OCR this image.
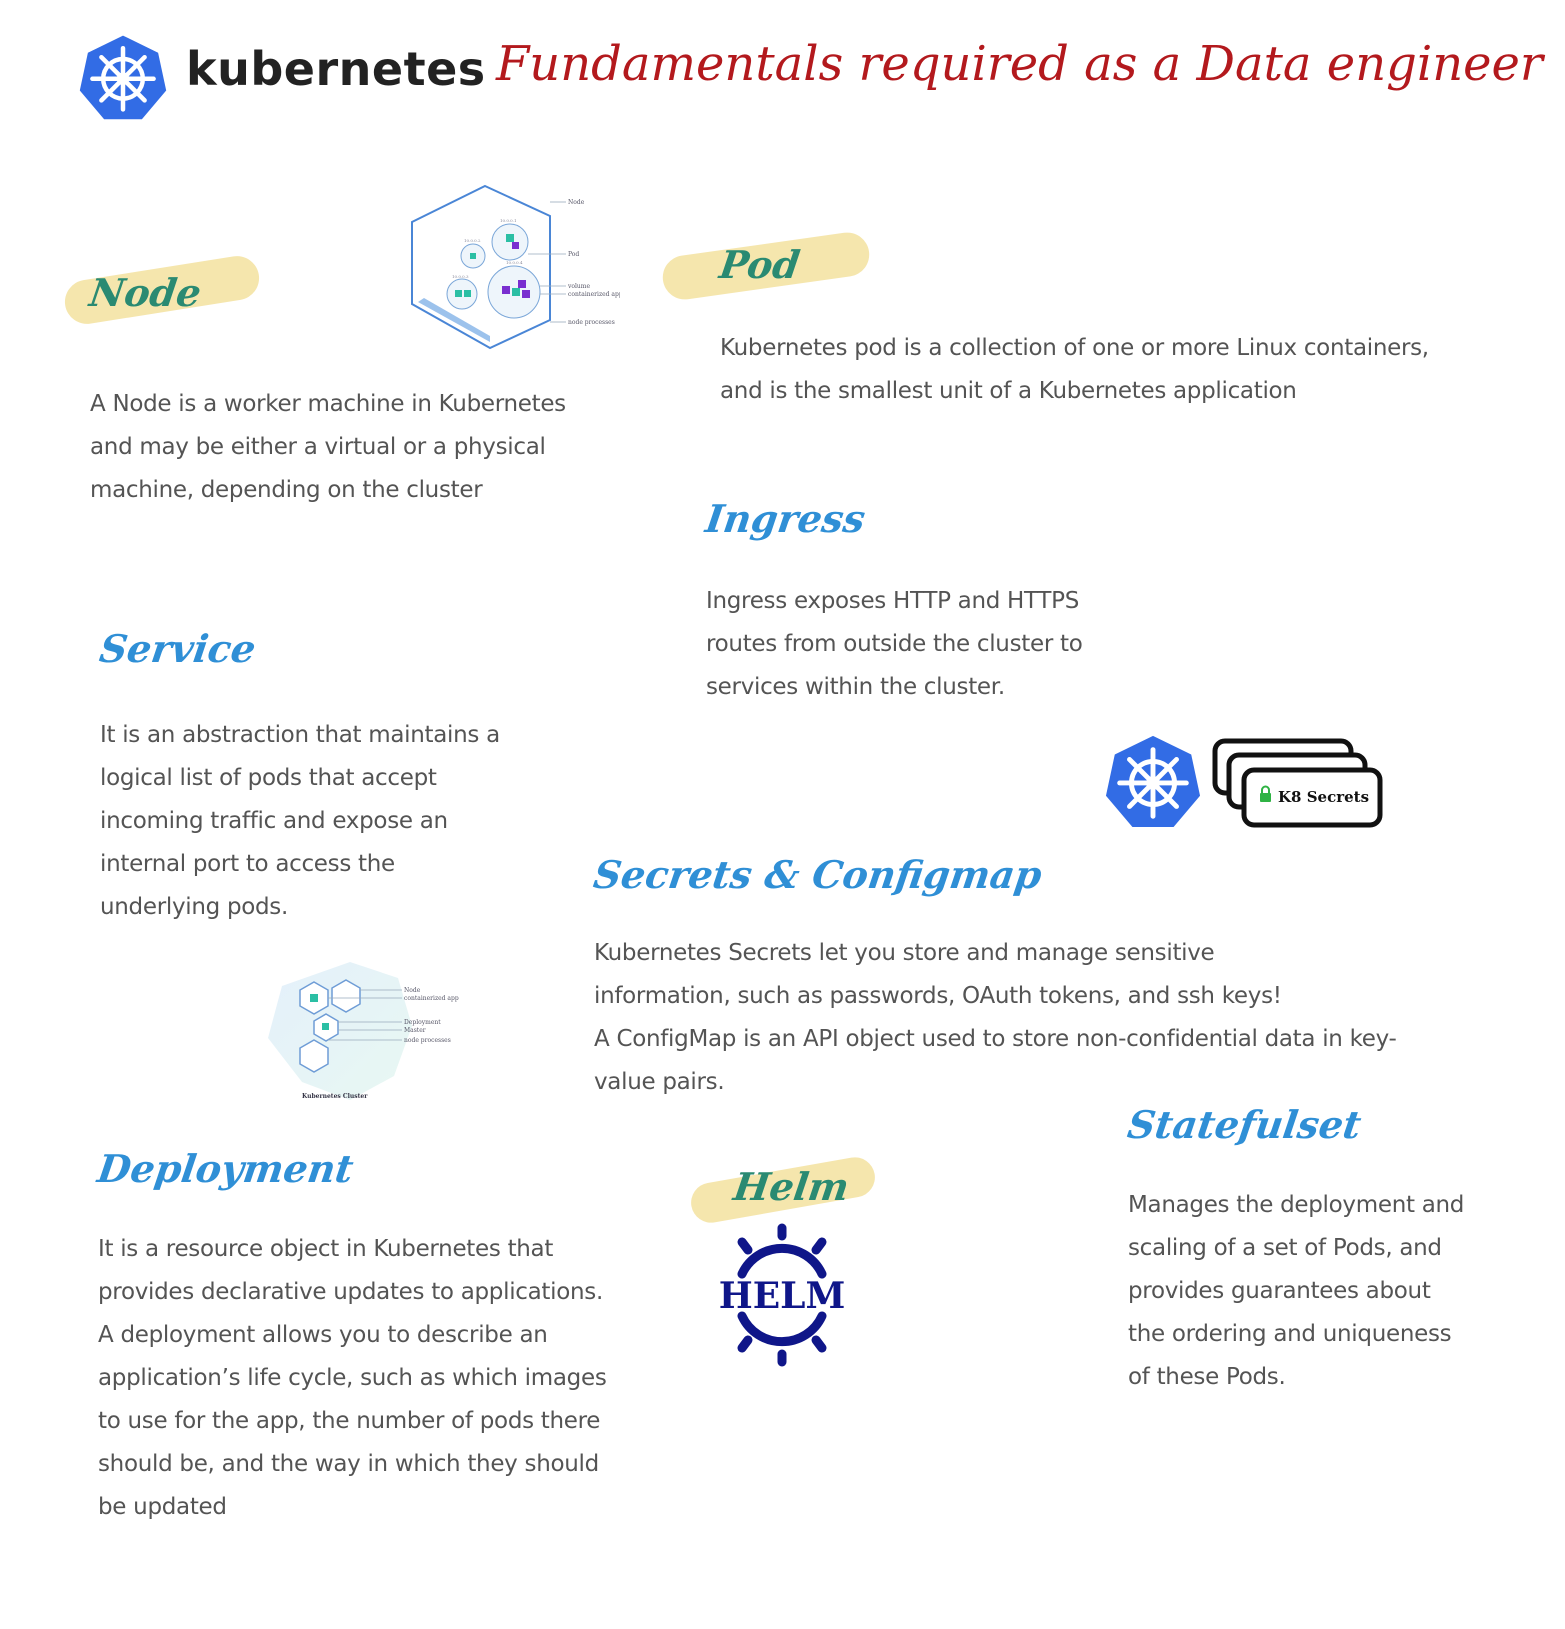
kubernetes Fundamentals required as a Data engineer
Node
Node
Pod
volume
containerized app
node processes
10.0.0.1
10.0.0.2
10.0.0.3
10.0.0.4
A Node is a worker machine in Kubernetes and may be either a virtual or a physical machine, depending on the cluster
Pod
Kubernetes pod is a collection of one or more Linux containers, and is the smallest unit of a Kubernetes application
Ingress
Ingress exposes HTTP and HTTPS routes from outside the cluster to services within the cluster.
Service
It is an abstraction that maintains a logical list of pods that accept incoming traffic and expose an internal port to access the underlying pods.
K8 Secrets
Secrets & Configmap
Kubernetes Secrets let you store and manage sensitive information, such as passwords, OAuth tokens, and ssh keys!
A ConfigMap is an API object used to store non-confidential data in key-value pairs.
Node
containerized app
Deployment
Master
node processes
Kubernetes Cluster
Statefulset
Manages the deployment and scaling of a set of Pods, and provides guarantees about the ordering and uniqueness of these Pods.
Deployment
It is a resource object in Kubernetes that provides declarative updates to applications. A deployment allows you to describe an application’s life cycle, such as which images to use for the app, the number of pods there should be, and the way in which they should be updated
Helm
HELM
